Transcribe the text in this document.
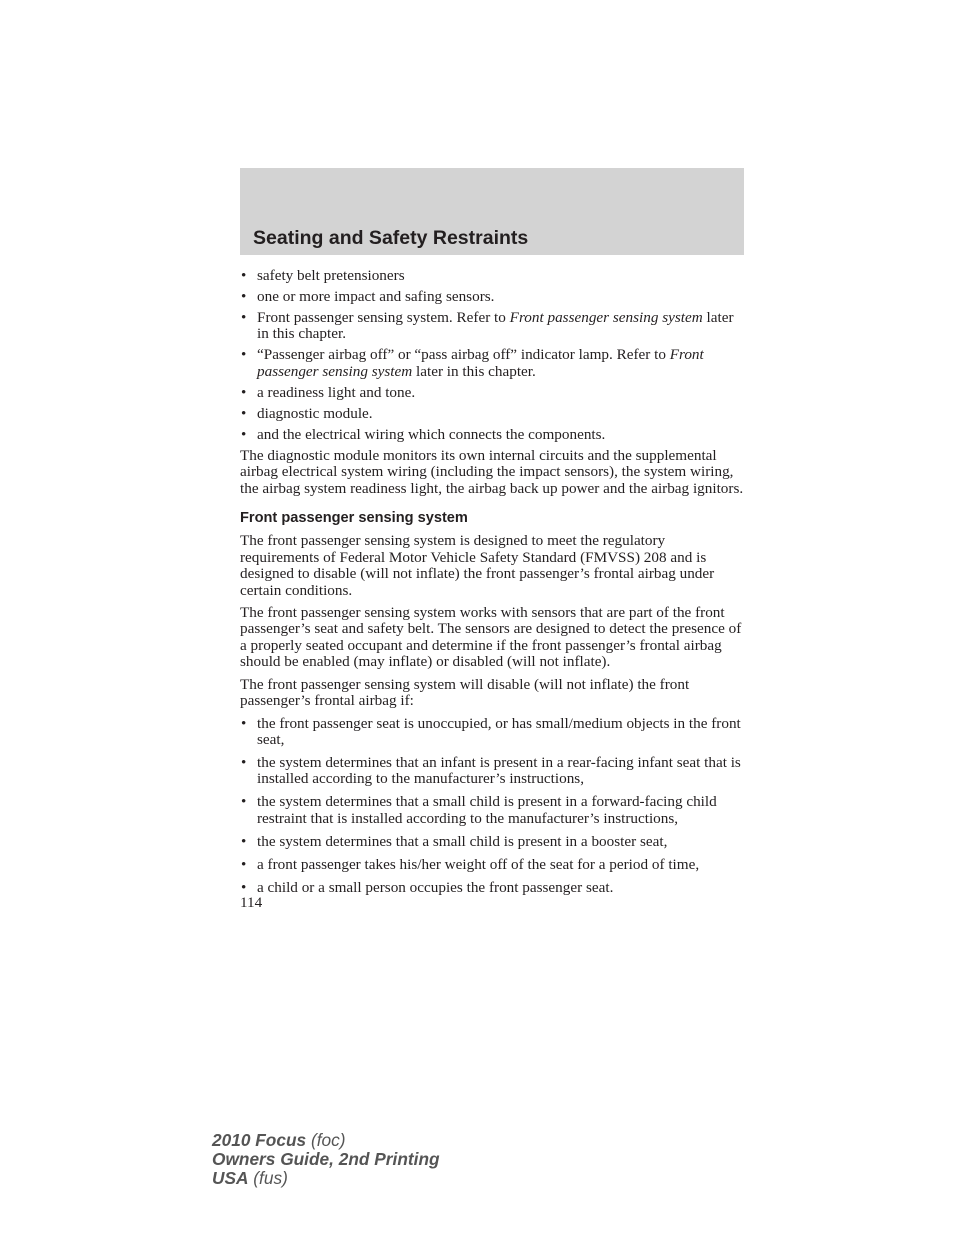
Seating and Safety Restraints
• safety belt pretensioners
• one or more impact and safing sensors.
• Front passenger sensing system. Refer to Front passenger sensing system later in this chapter.
• “Passenger airbag off” or “pass airbag off” indicator lamp. Refer to Front passenger sensing system later in this chapter.
• a readiness light and tone.
• diagnostic module.
• and the electrical wiring which connects the components.

The diagnostic module monitors its own internal circuits and the supplemental airbag electrical system wiring (including the impact sensors), the system wiring, the airbag system readiness light, the airbag back up power and the airbag ignitors.

Front passenger sensing system

The front passenger sensing system is designed to meet the regulatory requirements of Federal Motor Vehicle Safety Standard (FMVSS) 208 and is designed to disable (will not inflate) the front passenger’s frontal airbag under certain conditions.

The front passenger sensing system works with sensors that are part of the front passenger’s seat and safety belt. The sensors are designed to detect the presence of a properly seated occupant and determine if the front passenger’s frontal airbag should be enabled (may inflate) or disabled (will not inflate).

The front passenger sensing system will disable (will not inflate) the front passenger’s frontal airbag if:

• the front passenger seat is unoccupied, or has small/medium objects in the front seat,
• the system determines that an infant is present in a rear-facing infant seat that is installed according to the manufacturer’s instructions,
• the system determines that a small child is present in a forward-facing child restraint that is installed according to the manufacturer’s instructions,
• the system determines that a small child is present in a booster seat,
• a front passenger takes his/her weight off of the seat for a period of time,
• a child or a small person occupies the front passenger seat.
114
2010 Focus (foc)
Owners Guide, 2nd Printing
USA (fus)
